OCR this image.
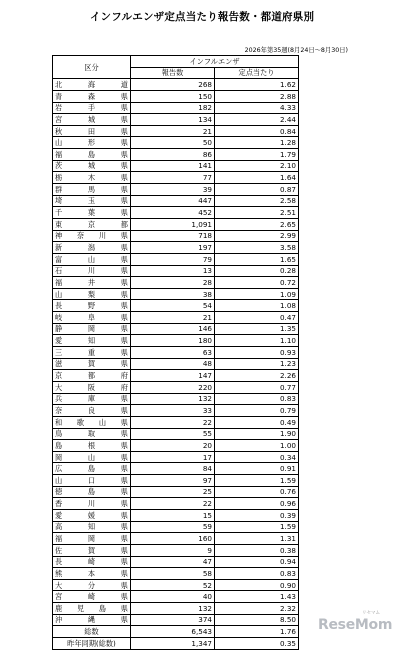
インフルエンザ定点当たり報告数・都道府県別
2026年第35週(8月24日～8月30日)
区分	インフルエンザ	
	報告数	定点当たり
北海道	268	1.62
青森県	150	2.88
岩手県	182	4.33
宮城県	134	2.44
秋田県	21	0.84
山形県	50	1.28
福島県	86	1.79
茨城県	141	2.10
栃木県	77	1.64
群馬県	39	0.87
埼玉県	447	2.58
千葉県	452	2.51
東京都	1,091	2.65
神奈川県	718	2.99
新潟県	197	3.58
富山県	79	1.65
石川県	13	0.28
福井県	28	0.72
山梨県	38	1.09
長野県	54	1.08
岐阜県	21	0.47
静岡県	146	1.35
愛知県	180	1.10
三重県	63	0.93
滋賀県	48	1.23
京都府	147	2.26
大阪府	220	0.77
兵庫県	132	0.83
奈良県	33	0.79
和歌山県	22	0.49
鳥取県	55	1.90
島根県	20	1.00
岡山県	17	0.34
広島県	84	0.91
山口県	97	1.59
徳島県	25	0.76
香川県	22	0.96
愛媛県	15	0.39
高知県	59	1.59
福岡県	160	1.31
佐賀県	9	0.38
長崎県	47	0.94
熊本県	58	0.83
大分県	52	0.90
宮崎県	40	1.43
鹿児島県	132	2.32
沖縄県	374	8.50
総数	6,543	1.76
昨年同期(総数)	1,347	0.35
リセマム
ReseMom
